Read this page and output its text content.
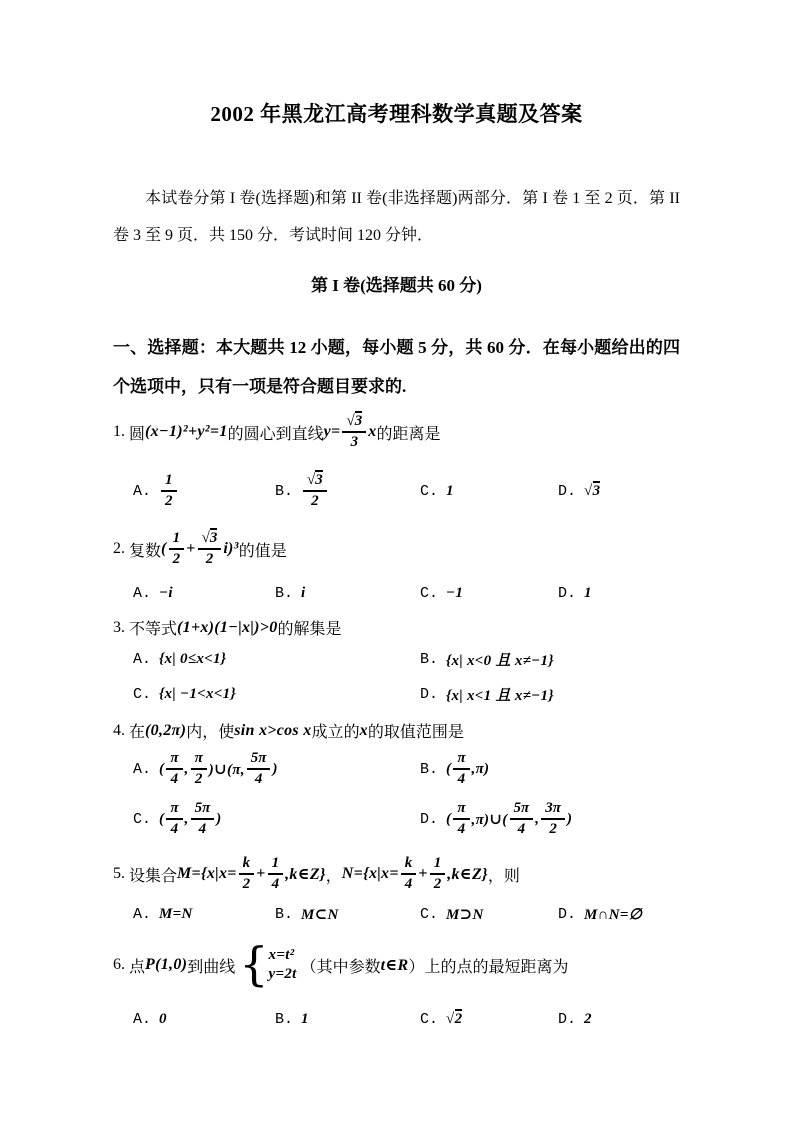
2002 年黑龙江高考理科数学真题及答案
本试卷分第 I 卷(选择题)和第 II 卷(非选择题)两部分．第 I 卷 1 至 2 页．第 II 卷 3 至 9 页．共 150 分．考试时间 120 分钟．
第 I 卷(选择题共 60 分)
一、选择题：本大题共 12 小题，每小题 5 分，共 60 分．在每小题给出的四个选项中，只有一项是符合题目要求的.
1. 圆 (x−1)²+y²=1 的圆心到直线 $y= \frac{√3}{3}$ x 的距离是
A. $\frac{1}{2}$	B. $\frac{√3}{2}$	C. 1	D. √3
2. 复数 ( $\frac{1}{2} + \frac{√3}{2} i)^3$ 的值是
A. −i	B. i	C. −1	D. 1
3. 不等式 (1+x)(1−|x|)>0 的解集是
A. {x| 0≤x<1}	B. {x| x<0 且 x≠−1}
C. {x| −1<x<1}	D. {x| x<1 且 x≠−1}
4. 在 (0,2π) 内，使 sin x>cos x 成立的 x 的取值范围是
A. ( $\frac{\pi}{4}$ , $\frac{\pi}{2}$ )∪(π, $\frac{5\pi}{4}$ )	B. ( $\frac{\pi}{4} ,\pi$)
C. ( $\frac{\pi}{4}$ , $\frac{5\pi}{4}$ )	D. ( $\frac{\pi}{4}$ ,π)∪( $\frac{5\pi}{4}$ , $\frac{3\pi}{2}$ )
5. 设集合 $M=\{x|x= \frac{k}{2} + \frac{1}{4}$ ,k∈Z} ， $N=\{x|x= \frac{k}{4} + \frac{1}{2}$ ,k∈Z} ，则
A. M=N	B. M⊂N	C. M⊃N	D. M∩N=∅
6. 点 P(1,0) 到曲线 { x=t²
y=2t （其中参数 t∈R ）上的点的最短距离为
A. 0	B. 1	C. √2	D. 2
